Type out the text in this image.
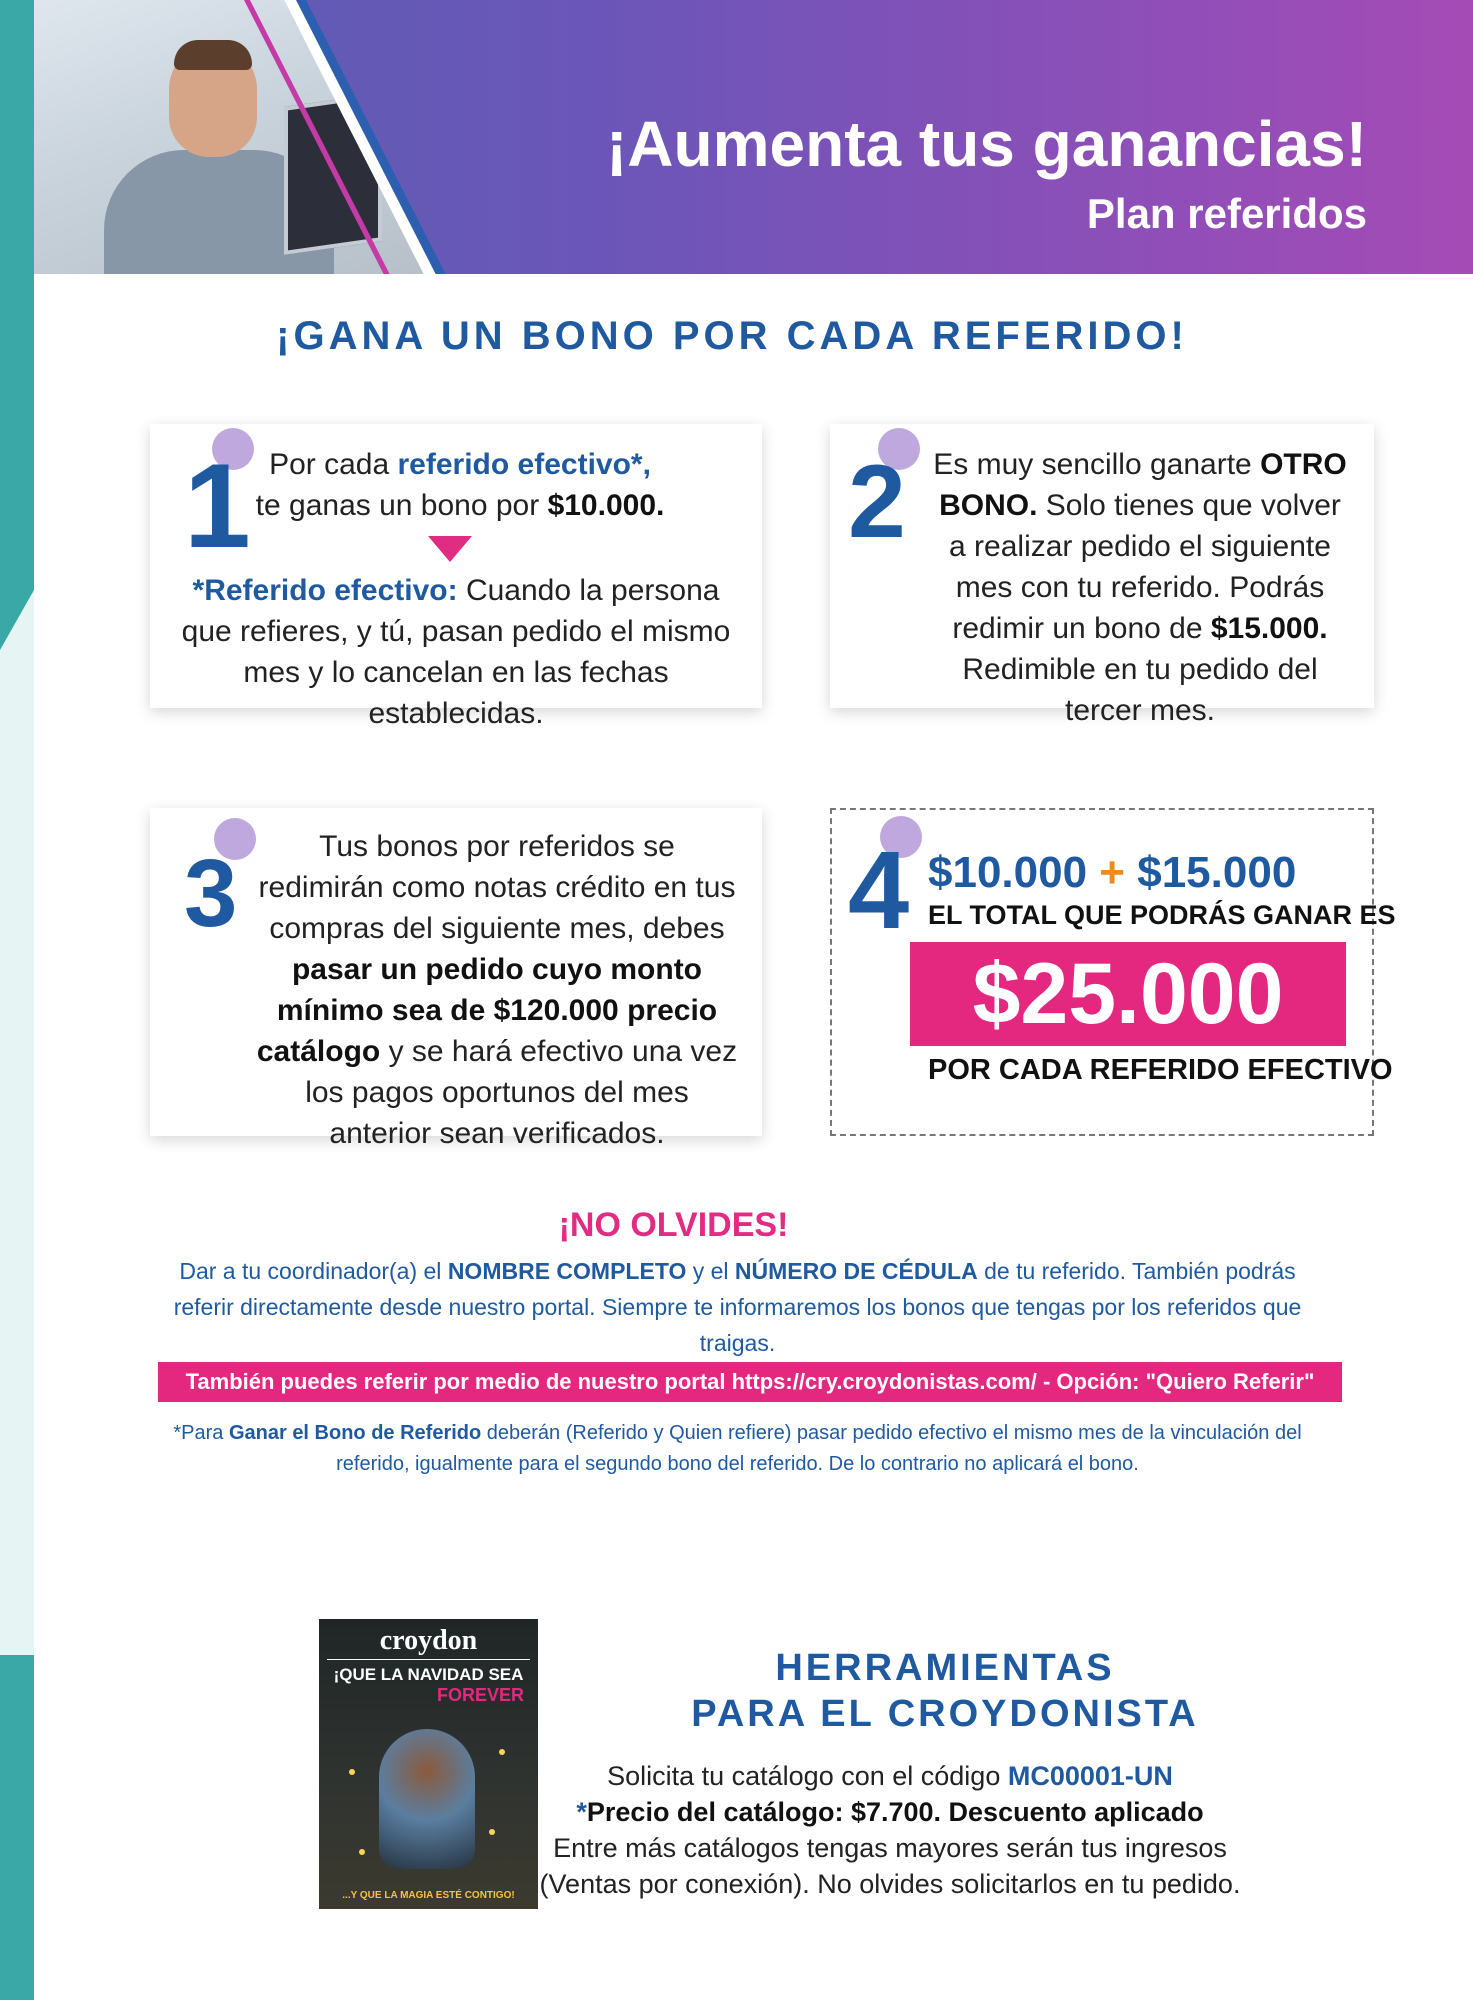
¡Aumenta tus ganancias!
Plan referidos
¡GANA UN BONO POR CADA REFERIDO!
1 Por cada referido efectivo*,
te ganas un bono por $10.000.
*Referido efectivo: Cuando la persona que refieres, y tú, pasan pedido el mismo mes y lo cancelan en las fechas establecidas.
2 Es muy sencillo ganarte OTRO BONO. Solo tienes que volver a realizar pedido el siguiente mes con tu referido. Podrás redimir un bono de $15.000. Redimible en tu pedido del tercer mes.
3	Tus bonos por referidos se redimirán como notas crédito en tus compras del siguiente mes, debes pasar un pedido cuyo monto mínimo sea de $120.000 precio catálogo y se hará efectivo una vez los pagos oportunos del mes anterior sean verificados.
4 $10.000 + $15.000
EL TOTAL QUE PODRÁS GANAR ES
$25.000
POR CADA REFERIDO EFECTIVO
¡NO OLVIDES!
Dar a tu coordinador(a) el NOMBRE COMPLETO y el NÚMERO DE CÉDULA de tu referido. También podrás referir directamente desde nuestro portal. Siempre te informaremos los bonos que tengas por los referidos que traigas.
También puedes referir por medio de nuestro portal https://cry.croydonistas.com/ - Opción: "Quiero Referir"
*Para Ganar el Bono de Referido deberán (Referido y Quien refiere) pasar pedido efectivo el mismo mes de la vinculación del referido, igualmente para el segundo bono del referido. De lo contrario no aplicará el bono.
croydon
¡QUE LA NAVIDAD SEA
FOREVER
...Y QUE LA MAGIA ESTÉ CONTIGO!
HERRAMIENTAS
PARA EL CROYDONISTA
Solicita tu catálogo con el código MC00001-UN
*Precio del catálogo: $7.700. Descuento aplicado
Entre más catálogos tengas mayores serán tus ingresos
(Ventas por conexión). No olvides solicitarlos en tu pedido.
